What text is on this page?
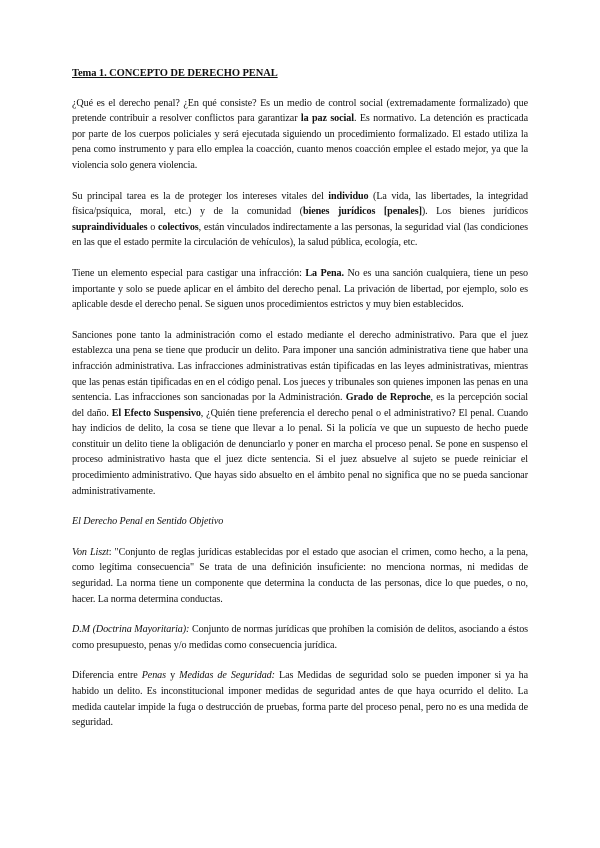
Tema 1. CONCEPTO DE DERECHO PENAL

¿Qué es el derecho penal? ¿En qué consiste? Es un medio de control social (extremadamente formalizado) que pretende contribuir a resolver conflictos para garantizar la paz social. Es normativo. La detención es practicada por parte de los cuerpos policiales y será ejecutada siguiendo un procedimiento formalizado. El estado utiliza la pena como instrumento y para ello emplea la coacción, cuanto menos coacción emplee el estado mejor, ya que la violencia solo genera violencia.

Su principal tarea es la de proteger los intereses vitales del individuo (La vida, las libertades, la integridad física/psíquica, moral, etc.) y de la comunidad (bienes jurídicos [penales]). Los bienes jurídicos supraindividuales o colectivos, están vinculados indirectamente a las personas, la seguridad vial (las condiciones en las que el estado permite la circulación de vehículos), la salud pública, ecología, etc.

Tiene un elemento especial para castigar una infracción: La Pena. No es una sanción cualquiera, tiene un peso importante y solo se puede aplicar en el ámbito del derecho penal. La privación de libertad, por ejemplo, solo es aplicable desde el derecho penal. Se siguen unos procedimientos estrictos y muy bien establecidos.

Sanciones pone tanto la administración como el estado mediante el derecho administrativo. Para que el juez establezca una pena se tiene que producir un delito. Para imponer una sanción administrativa tiene que haber una infracción administrativa. Las infracciones administrativas están tipificadas en las leyes administrativas, mientras que las penas están tipificadas en en el código penal. Los jueces y tribunales son quienes imponen las penas en una sentencia. Las infracciones son sancionadas por la Administración. Grado de Reproche, es la percepción social del daño. El Efecto Suspensivo, ¿Quién tiene preferencia el derecho penal o el administrativo? El penal. Cuando hay indicios de delito, la cosa se tiene que llevar a lo penal. Si la policía ve que un supuesto de hecho puede constituir un delito tiene la obligación de denunciarlo y poner en marcha el proceso penal. Se pone en suspenso el proceso administrativo hasta que el juez dicte sentencia. Si el juez absuelve al sujeto se puede reiniciar el procedimiento administrativo. Que hayas sido absuelto en el ámbito penal no significa que no se pueda sancionar administrativamente.

El Derecho Penal en Sentido Objetivo

Von Liszt: "Conjunto de reglas jurídicas establecidas por el estado que asocian el crimen, como hecho, a la pena, como legítima consecuencia" Se trata de una definición insuficiente: no menciona normas, ni medidas de seguridad. La norma tiene un componente que determina la conducta de las personas, dice lo que puedes, o no, hacer. La norma determina conductas.

D.M (Doctrina Mayoritaria): Conjunto de normas jurídicas que prohíben la comisión de delitos, asociando a éstos como presupuesto, penas y/o medidas como consecuencia jurídica.

Diferencia entre Penas y Medidas de Seguridad: Las Medidas de seguridad solo se pueden imponer si ya ha habido un delito. Es inconstitucional imponer medidas de seguridad antes de que haya ocurrido el delito. La medida cautelar impide la fuga o destrucción de pruebas, forma parte del proceso penal, pero no es una medida de seguridad.
